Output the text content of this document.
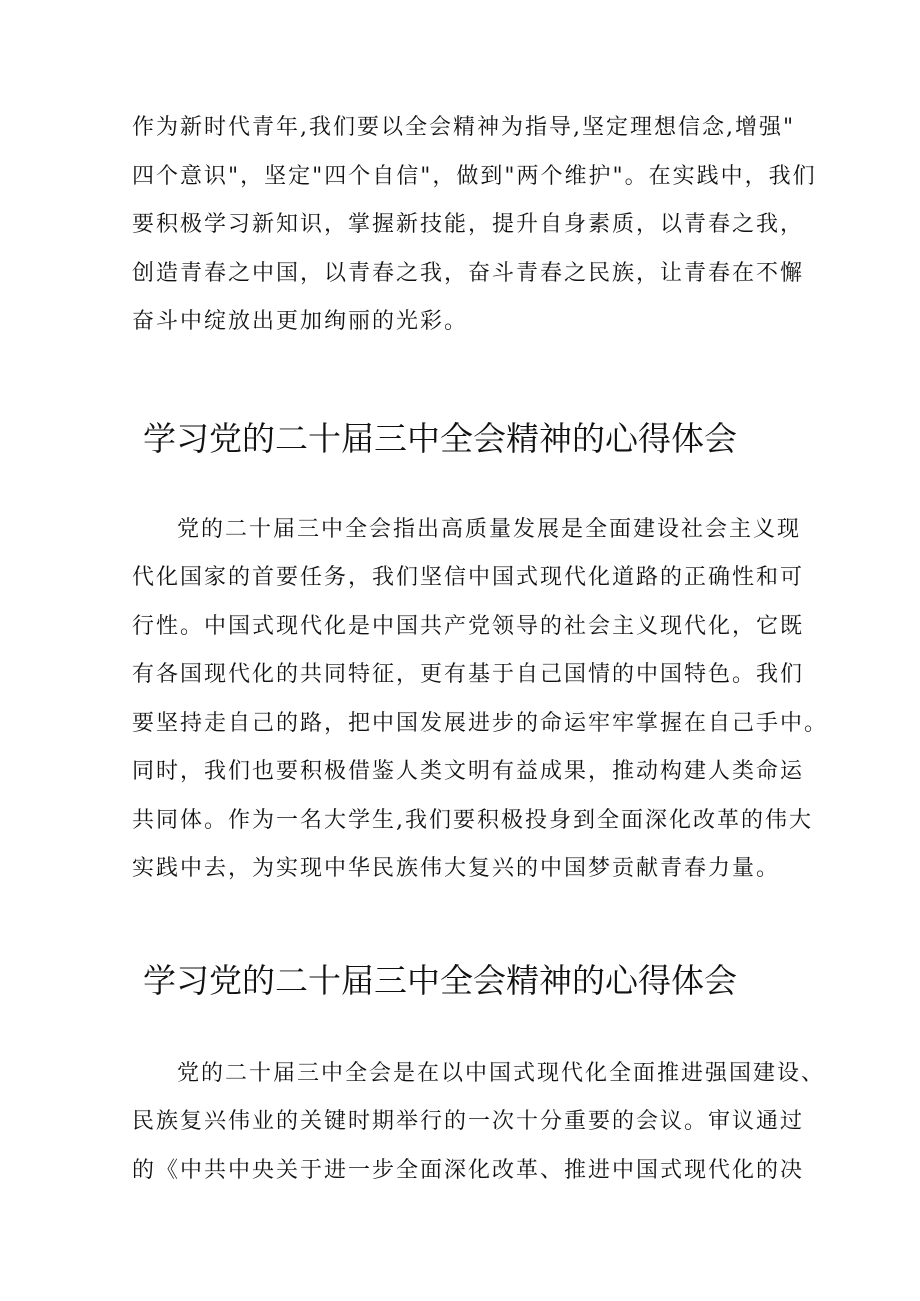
作为新时代青年,我们要以全会精神为指导,坚定理想信念,增强"

四个意识"，坚定"四个自信"，做到"两个维护"。在实践中，我们

要积极学习新知识，掌握新技能，提升自身素质，以青春之我，

创造青春之中国，以青春之我，奋斗青春之民族，让青春在不懈

奋斗中绽放出更加绚丽的光彩。

学习党的二十届三中全会精神的心得体会

党的二十届三中全会指出高质量发展是全面建设社会主义现

代化国家的首要任务，我们坚信中国式现代化道路的正确性和可

行性。中国式现代化是中国共产党领导的社会主义现代化，它既

有各国现代化的共同特征，更有基于自己国情的中国特色。我们

要坚持走自己的路，把中国发展进步的命运牢牢掌握在自己手中。

同时，我们也要积极借鉴人类文明有益成果，推动构建人类命运

共同体。作为一名大学生,我们要积极投身到全面深化改革的伟大

实践中去，为实现中华民族伟大复兴的中国梦贡献青春力量。

学习党的二十届三中全会精神的心得体会

党的二十届三中全会是在以中国式现代化全面推进强国建设、

民族复兴伟业的关键时期举行的一次十分重要的会议。审议通过

的《中共中央关于进一步全面深化改革、推进中国式现代化的决
